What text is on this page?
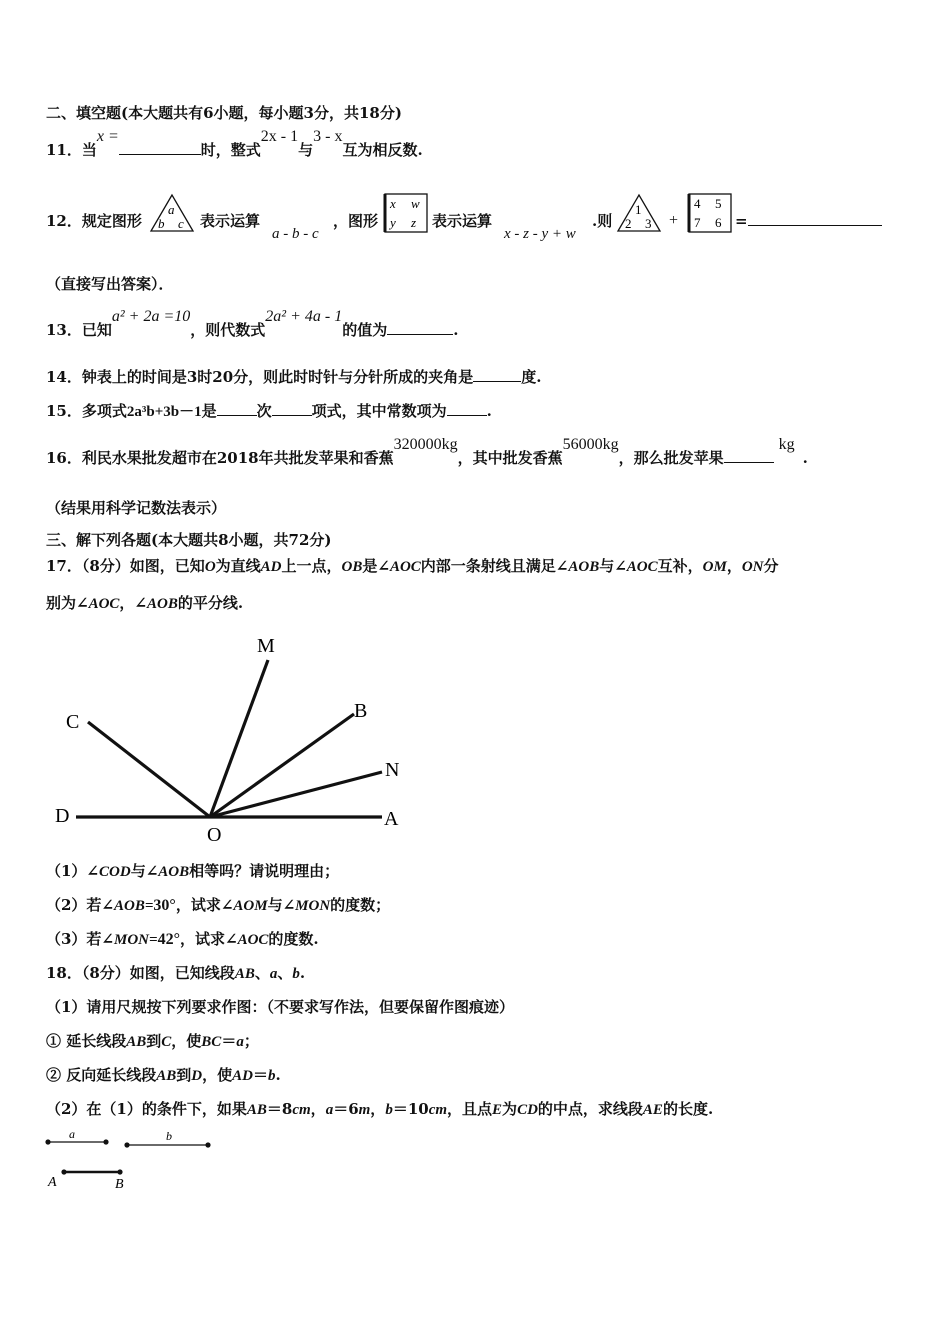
二、填空题(本大题共有6小题，每小题3分，共18分)
11．当x =时，整式2x - 1与3 - x互为相反数.
12．规定图形
a
b c 表示运算
a - b - c
，图形
x w
y z 表示运算
x - z - y + w
.则
1
2 3 +
4 5
7 6 =
（直接写出答案）．
13．已知a² + 2a =10，则代数式2a² + 4a - 1的值为	.
14．钟表上的时间是3时20分，则此时时针与分针所成的夹角是	度.
15．多项式2a³b+3b－1是	次	项式，其中常数项为	.
16．利民水果批发超市在2018年共批发苹果和香蕉320000kg，其中批发香蕉56000kg，那么批发苹果kg.
（结果用科学记数法表示）
三、解下列各题(本大题共8小题，共72分)
17．（8分）如图，已知O为直线AD上一点，OB是∠AOC内部一条射线且满足∠AOB与∠AOC互补，OM，ON分
别为∠AOC，∠AOB的平分线.
M
B
C
N
D
O
A
（1）∠COD与∠AOB相等吗？请说明理由；
（2）若∠AOB=30°，试求∠AOM与∠MON的度数；
（3）若∠MON=42°，试求∠AOC的度数.
18．（8分）如图，已知线段AB、a、b.
（1）请用尺规按下列要求作图：（不要求写作法，但要保留作图痕迹）
① 延长线段AB到C，使BC＝a；
② 反向延长线段AB到D，使AD＝b.
（2）在（1）的条件下，如果AB＝8cm，a＝6m，b＝10cm，且点E为CD的中点，求线段AE的长度.
a	b
A	B
